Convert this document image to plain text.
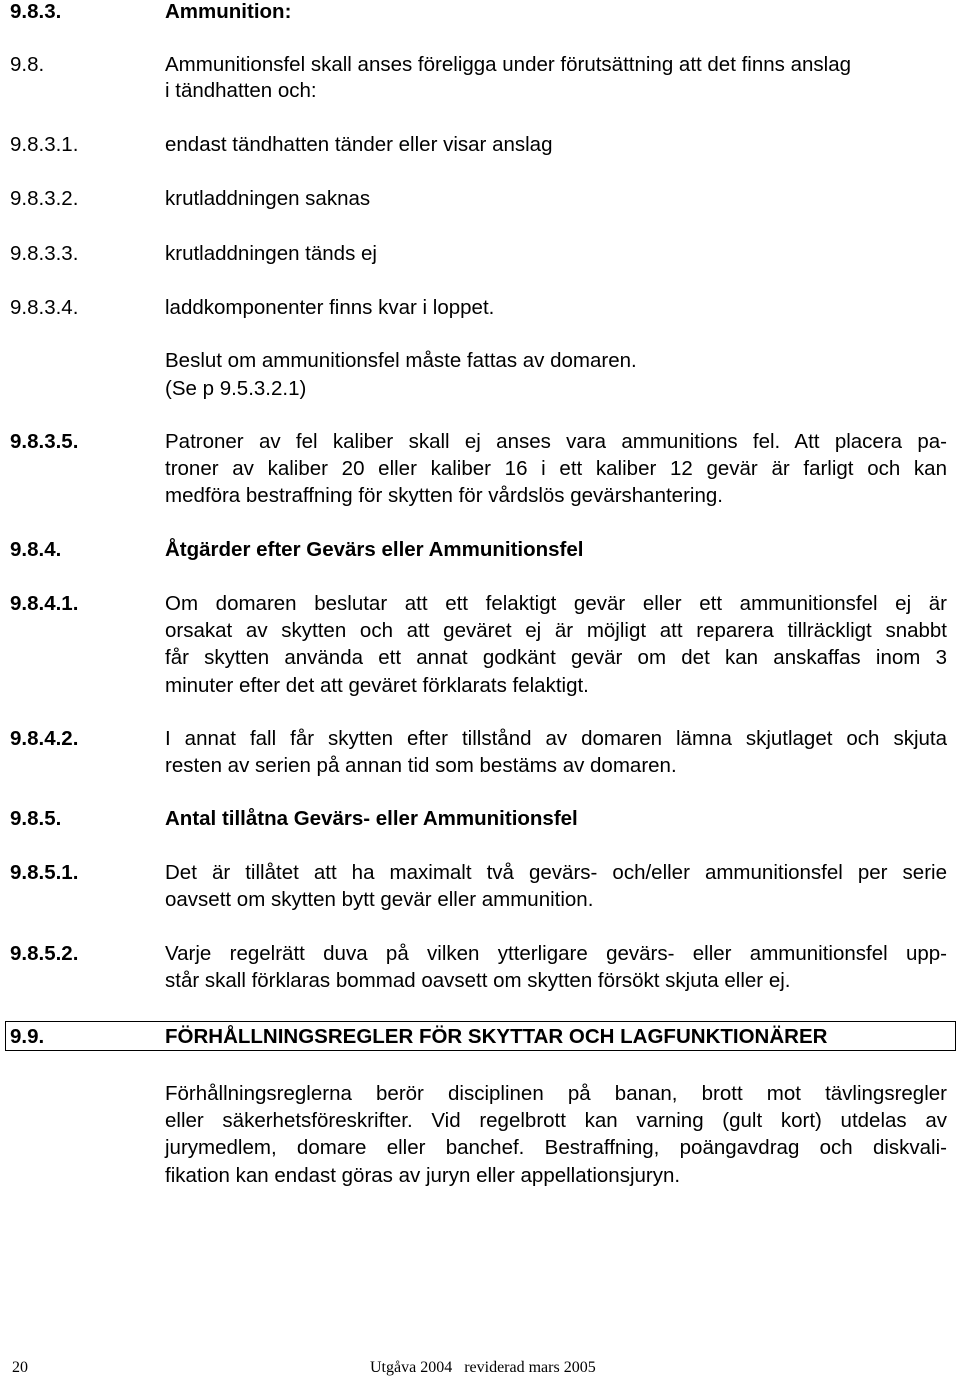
9.8.3.	Ammunition:
9.8.	Ammunitionsfel skall anses föreligga under förutsättning att det finns anslag
i tändhatten och:
9.8.3.1.	endast tändhatten tänder eller visar anslag
9.8.3.2.	krutladdningen saknas
9.8.3.3.	krutladdningen tänds ej
9.8.3.4.	laddkomponenter finns kvar i loppet.
Beslut om ammunitionsfel måste fattas av domaren.
(Se p 9.5.3.2.1)
9.8.3.5.	Patroner av fel kaliber skall ej anses vara ammunitions fel. Att placera pa-
troner av kaliber 20 eller kaliber 16 i ett kaliber 12 gevär är farligt och kan
medföra bestraffning för skytten för vårdslös gevärshantering.
9.8.4.	Åtgärder efter Gevärs eller Ammunitionsfel
9.8.4.1.	Om domaren beslutar att ett felaktigt gevär eller ett ammunitionsfel ej är
orsakat av skytten och att geväret ej är möjligt att reparera tillräckligt snabbt
får skytten använda ett annat godkänt gevär om det kan anskaffas inom 3
minuter efter det att geväret förklarats felaktigt.
9.8.4.2.	I annat fall får skytten efter tillstånd av domaren lämna skjutlaget och skjuta
resten av serien på annan tid som bestäms av domaren.
9.8.5.	Antal tillåtna Gevärs- eller Ammunitionsfel
9.8.5.1.	Det är tillåtet att ha maximalt två gevärs- och/eller ammunitionsfel per serie
oavsett om skytten bytt gevär eller ammunition.
9.8.5.2.	Varje regelrätt duva på vilken ytterligare gevärs- eller ammunitionsfel upp-
står skall förklaras bommad oavsett om skytten försökt skjuta eller ej.
9.9.	FÖRHÅLLNINGSREGLER FÖR SKYTTAR OCH LAGFUNKTIONÄRER
Förhållningsreglerna berör disciplinen på banan, brott mot tävlingsregler
eller säkerhetsföreskrifter. Vid regelbrott kan varning (gult kort) utdelas av
jurymedlem, domare eller banchef. Bestraffning, poängavdrag och diskvali-
fikation kan endast göras av juryn eller appellationsjuryn.
20	Utgåva 2004   reviderad mars 2005
